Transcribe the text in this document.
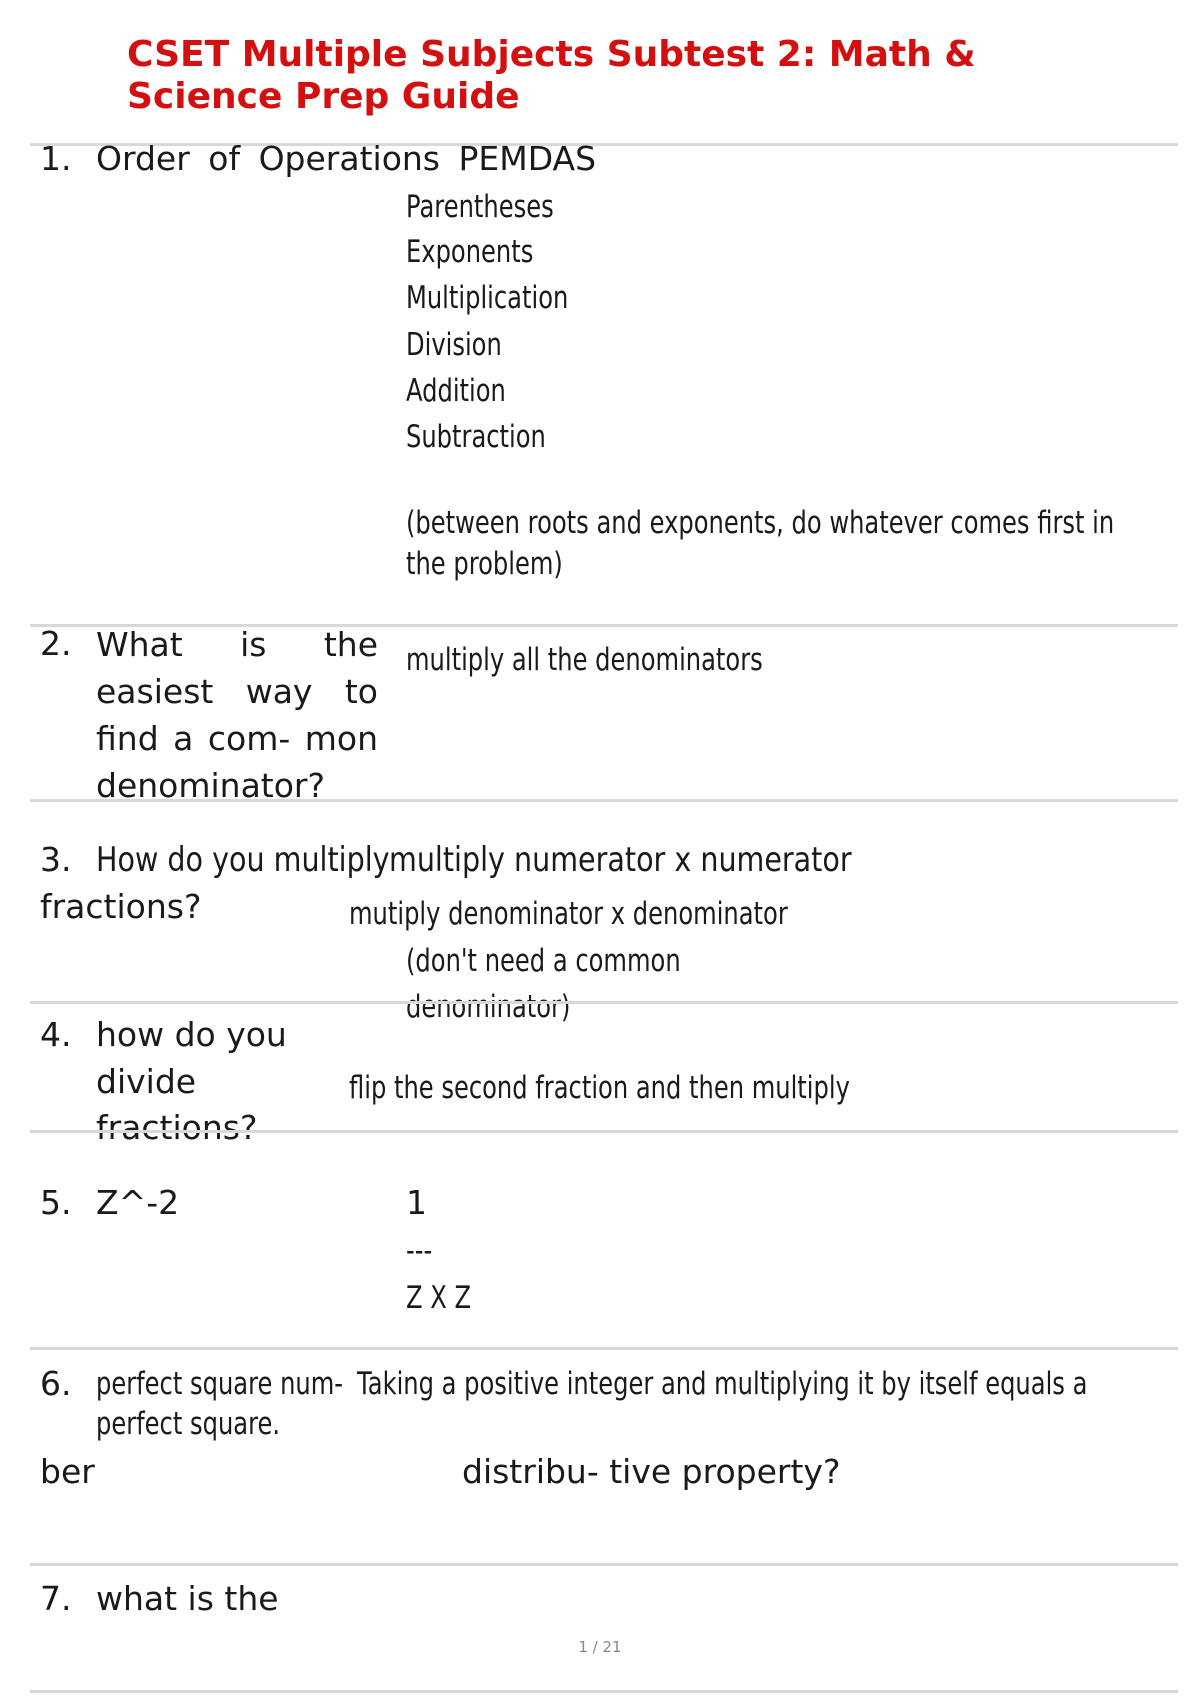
CSET Multiple Subjects Subtest 2: Math & Science Prep Guide
1. Order of Operations PEMDAS
Parentheses
Exponents
Multiplication
Division
Addition
Subtraction
(between roots and exponents, do whatever comes first in the problem)
2. What is the easiest way to find a com- mon denominator?
multiply all the denominators
3. How do you multiply
fractions?
multiply numerator x numerator
mutiply denominator x denominator
(don't need a common
denominator)
4. how do you
divide
fractions?
flip the second fraction and then multiply
5. Z^-2	1
---
Z X Z
6. perfect square num- Taking a positive integer and multiplying it by itself equals a
perfect square.
ber	distribu- tive property?
7. what is the
1 / 21
